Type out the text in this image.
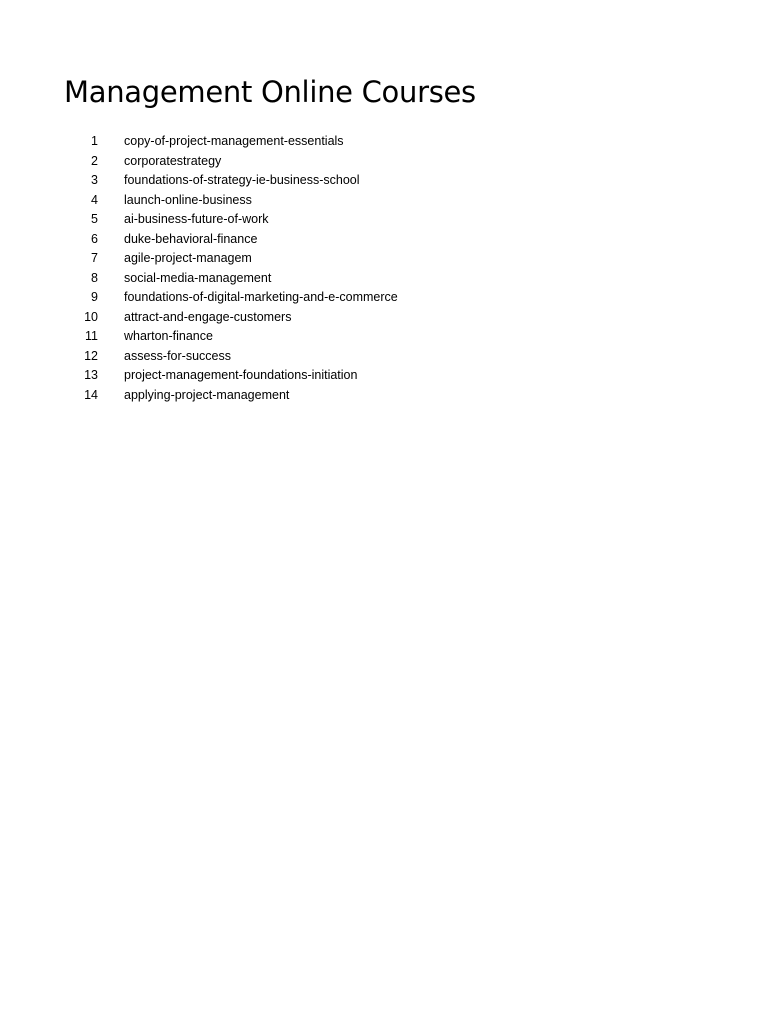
Management Online Courses
1 copy-of-project-management-essentials
2 corporatestrategy
3 foundations-of-strategy-ie-business-school
4 launch-online-business
5 ai-business-future-of-work
6 duke-behavioral-finance
7 agile-project-managem
8 social-media-management
9 foundations-of-digital-marketing-and-e-commerce
10 attract-and-engage-customers
11 wharton-finance
12 assess-for-success
13 project-management-foundations-initiation
14 applying-project-management
